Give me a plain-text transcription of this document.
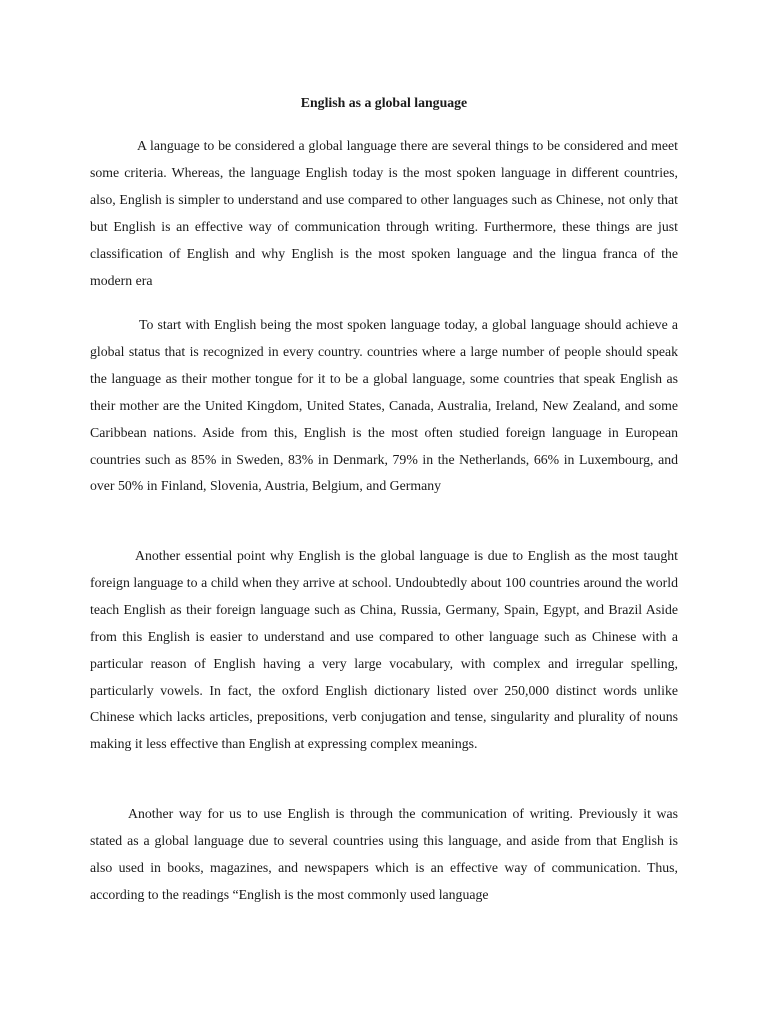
English as a global language

A language to be considered a global language there are several things to be considered and meet some criteria. Whereas, the language English today is the most spoken language in different countries, also, English is simpler to understand and use compared to other languages such as Chinese, not only that but English is an effective way of communication through writing. Furthermore, these things are just classification of English and why English is the most spoken language and the lingua franca of the modern era

To start with English being the most spoken language today, a global language should achieve a global status that is recognized in every country. countries where a large number of people should speak the language as their mother tongue for it to be a global language, some countries that speak English as their mother are the United Kingdom, United States, Canada, Australia, Ireland, New Zealand, and some Caribbean nations. Aside from this, English is the most often studied foreign language in European countries such as 85% in Sweden, 83% in Denmark, 79% in the Netherlands, 66% in Luxembourg, and over 50% in Finland, Slovenia, Austria, Belgium, and Germany

Another essential point why English is the global language is due to English as the most taught foreign language to a child when they arrive at school. Undoubtedly about 100 countries around the world teach English as their foreign language such as China, Russia, Germany, Spain, Egypt, and Brazil Aside from this English is easier to understand and use compared to other language such as Chinese with a particular reason of English having a very large vocabulary, with complex and irregular spelling, particularly vowels. In fact, the oxford English dictionary listed over 250,000 distinct words unlike Chinese which lacks articles, prepositions, verb conjugation and tense, singularity and plurality of nouns making it less effective than English at expressing complex meanings.

Another way for us to use English is through the communication of writing. Previously it was stated as a global language due to several countries using this language, and aside from that English is also used in books, magazines, and newspapers which is an effective way of communication. Thus, according to the readings “English is the most commonly used language
